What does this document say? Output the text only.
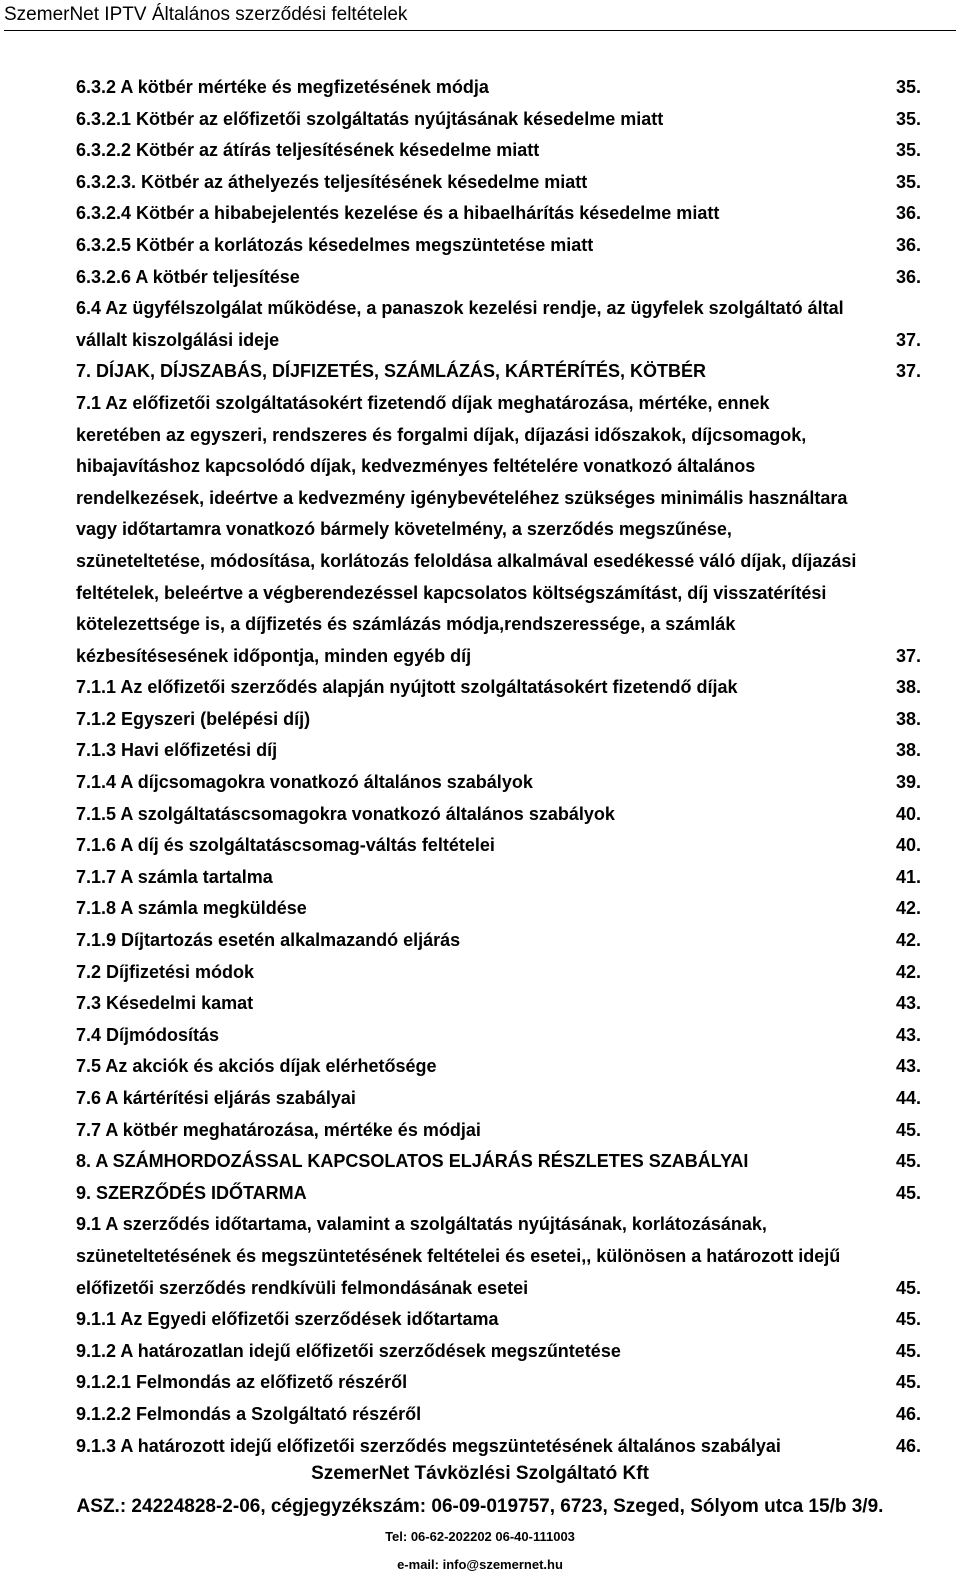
SzemerNet IPTV Általános szerződési feltételek
6.3.2 A kötbér mértéke és megfizetésének módja	35.
6.3.2.1 Kötbér az előfizetői szolgáltatás nyújtásának késedelme miatt	35.
6.3.2.2 Kötbér az átírás teljesítésének késedelme miatt	35.
6.3.2.3. Kötbér az áthelyezés teljesítésének késedelme miatt	35.
6.3.2.4 Kötbér a hibabejelentés kezelése és a hibaelhárítás késedelme miatt	36.
6.3.2.5 Kötbér a korlátozás késedelmes megszüntetése miatt	36.
6.3.2.6 A kötbér teljesítése	36.
6.4 Az ügyfélszolgálat működése, a panaszok kezelési rendje, az ügyfelek szolgáltató által
vállalt kiszolgálási ideje	37.
7. DÍJAK, DÍJSZABÁS, DÍJFIZETÉS, SZÁMLÁZÁS, KÁRTÉRÍTÉS, KÖTBÉR	37.
7.1 Az előfizetői szolgáltatásokért fizetendő díjak meghatározása, mértéke, ennek
keretében az egyszeri, rendszeres és forgalmi díjak, díjazási időszakok, díjcsomagok,
hibajavításhoz kapcsolódó díjak, kedvezményes feltételére vonatkozó általános
rendelkezések, ideértve a kedvezmény igénybevételéhez szükséges minimális használtara
vagy időtartamra vonatkozó bármely követelmény, a szerződés megszűnése,
szüneteltetése, módosítása, korlátozás feloldása alkalmával esedékessé váló díjak, díjazási
feltételek, beleértve a végberendezéssel kapcsolatos költségszámítást, díj visszatérítési
kötelezettsége is, a díjfizetés és számlázás módja,rendszeressége, a számlák
kézbesítésesének időpontja, minden egyéb díj	37.
7.1.1 Az előfizetői szerződés alapján nyújtott szolgáltatásokért fizetendő díjak	38.
7.1.2 Egyszeri (belépési díj)	38.
7.1.3 Havi előfizetési díj	38.
7.1.4 A díjcsomagokra vonatkozó általános szabályok	39.
7.1.5 A szolgáltatáscsomagokra vonatkozó általános szabályok	40.
7.1.6 A díj és szolgáltatáscsomag-váltás feltételei	40.
7.1.7 A számla tartalma	41.
7.1.8 A számla megküldése	42.
7.1.9 Díjtartozás esetén alkalmazandó eljárás	42.
7.2 Díjfizetési módok	42.
7.3 Késedelmi kamat	43.
7.4 Díjmódosítás	43.
7.5 Az akciók és akciós díjak elérhetősége	43.
7.6 A kártérítési eljárás szabályai	44.
7.7 A kötbér meghatározása, mértéke és módjai	45.
8. A SZÁMHORDOZÁSSAL KAPCSOLATOS ELJÁRÁS RÉSZLETES SZABÁLYAI	45.
9. SZERZŐDÉS IDŐTARMA	45.
9.1 A szerződés időtartama, valamint a szolgáltatás nyújtásának, korlátozásának,
szüneteltetésének és megszüntetésének feltételei és esetei,, különösen a határozott idejű
előfizetői szerződés rendkívüli felmondásának esetei	45.
9.1.1 Az Egyedi előfizetői szerződések időtartama	45.
9.1.2 A határozatlan idejű előfizetői szerződések megszűntetése	45.
9.1.2.1 Felmondás az előfizető részéről	45.
9.1.2.2 Felmondás a Szolgáltató részéről	46.
9.1.3 A határozott idejű előfizetői szerződés megszüntetésének általános szabályai	46.
SzemerNet Távközlési Szolgáltató Kft
ASZ.: 24224828-2-06, cégjegyzékszám: 06-09-019757, 6723, Szeged, Sólyom utca 15/b 3/9.
Tel: 06-62-202202 06-40-111003
e-mail: info@szemernet.hu
